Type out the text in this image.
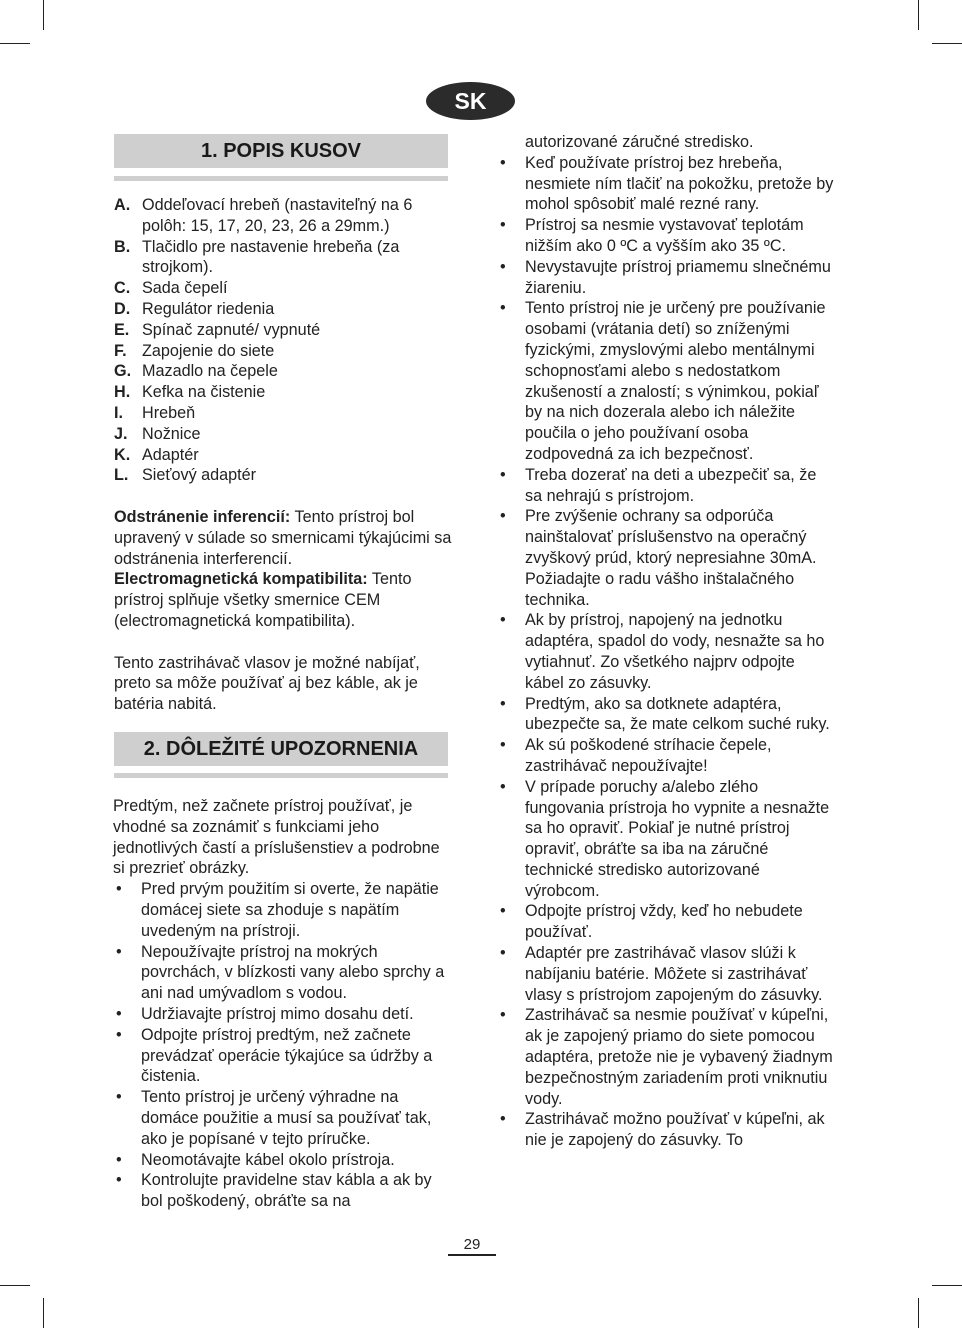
SK
1. POPIS KUSOV
A. Oddeľovací hrebeň (nastaviteľný na 6 polôh: 15, 17, 20, 23, 26 a 29mm.)
B. Tlačidlo pre nastavenie hrebeňa (za strojkom).
C. Sada čepelí
D. Regulátor riedenia
E. Spínač zapnuté/ vypnuté
F. Zapojenie do siete
G. Mazadlo na čepele
H. Kefka na čistenie
I. Hrebeň
J. Nožnice
K. Adaptér
L. Sieťový adaptér

Odstránenie inferencií: Tento prístroj bol upravený v súlade so smernicami týkajúcimi sa odstránenia interferencií.

Electromagnetická kompatibilita: Tento prístroj splňuje všetky smernice CEM (electromagnetická kompatibilita).

Tento zastrihávač vlasov je možné nabíjať, preto sa môže používať aj bez káble, ak je batéria nabitá.

2. DÔLEŽITÉ UPOZORNENIA

Predtým, než začnete prístroj používať, je vhodné sa zoznámiť s funkciami jeho jednotlivých častí a príslušenstiev a podrobne si prezrieť obrázky.

• Pred prvým použitím si overte, že napätie domácej siete sa zhoduje s napätím uvedeným na prístroji.
• Nepoužívajte prístroj na mokrých povrchách, v blízkosti vany alebo sprchy a ani nad umývadlom s vodou.
• Udržiavajte prístroj mimo dosahu detí.
• Odpojte prístroj predtým, než začnete prevádzať operácie týkajúce sa údržby a čistenia.
• Tento prístroj je určený výhradne na domáce použitie a musí sa používať tak, ako je popísané v tejto príručke.
• Neomotávajte kábel okolo prístroja.
• Kontrolujte pravidelne stav kábla a ak by bol poškodený, obráťte sa na

autorizované záručné stredisko.

• Keď používate prístroj bez hrebeňa, nesmiete ním tlačiť na pokožku, pretože by mohol spôsobiť malé rezné rany.
• Prístroj sa nesmie vystavovať teplotám nižším ako 0 ºC a vyšším ako 35 ºC.
• Nevystavujte prístroj priamemu slnečnému žiareniu.
• Tento prístroj nie je určený pre používanie osobami (vrátania detí) so zníženými fyzickými, zmyslovými alebo mentálnymi schopnosťami alebo s nedostatkom zkušeností a znalostí; s výnimkou, pokiaľ by na nich dozerala alebo ich náležite poučila o jeho používaní osoba zodpovedná za ich bezpečnosť.
• Treba dozerať na deti a ubezpečiť sa, že sa nehrajú s prístrojom.
• Pre zvýšenie ochrany sa odporúča nainštalovať príslušenstvo na operačný zvyškový prúd, ktorý nepresiahne 30mA. Požiadajte o radu vášho inštalačného technika.
• Ak by prístroj, napojený na jednotku adaptéra, spadol do vody, nesnažte sa ho vytiahnuť. Zo všetkého najprv odpojte kábel zo zásuvky.
• Predtým, ako sa dotknete adaptéra, ubezpečte sa, že mate celkom suché ruky.
• Ak sú poškodené stríhacie čepele, zastrihávač nepoužívajte!
• V prípade poruchy a/alebo zlého fungovania prístroja ho vypnite a nesnažte sa ho opraviť. Pokiaľ je nutné prístroj opraviť, obráťte sa iba na záručné technické stredisko autorizované výrobcom.
• Odpojte prístroj vždy, keď ho nebudete používať.
• Adaptér pre zastrihávač vlasov slúži k nabíjaniu batérie. Môžete si zastrihávať vlasy s prístrojom zapojeným do zásuvky.
• Zastrihávač sa nesmie používať v kúpeľni, ak je zapojený priamo do siete pomocou adaptéra, pretože nie je vybavený žiadnym bezpečnostným zariadením proti vniknutiu vody.
• Zastrihávač možno používať v kúpeľni, ak nie je zapojený do zásuvky. To
29
